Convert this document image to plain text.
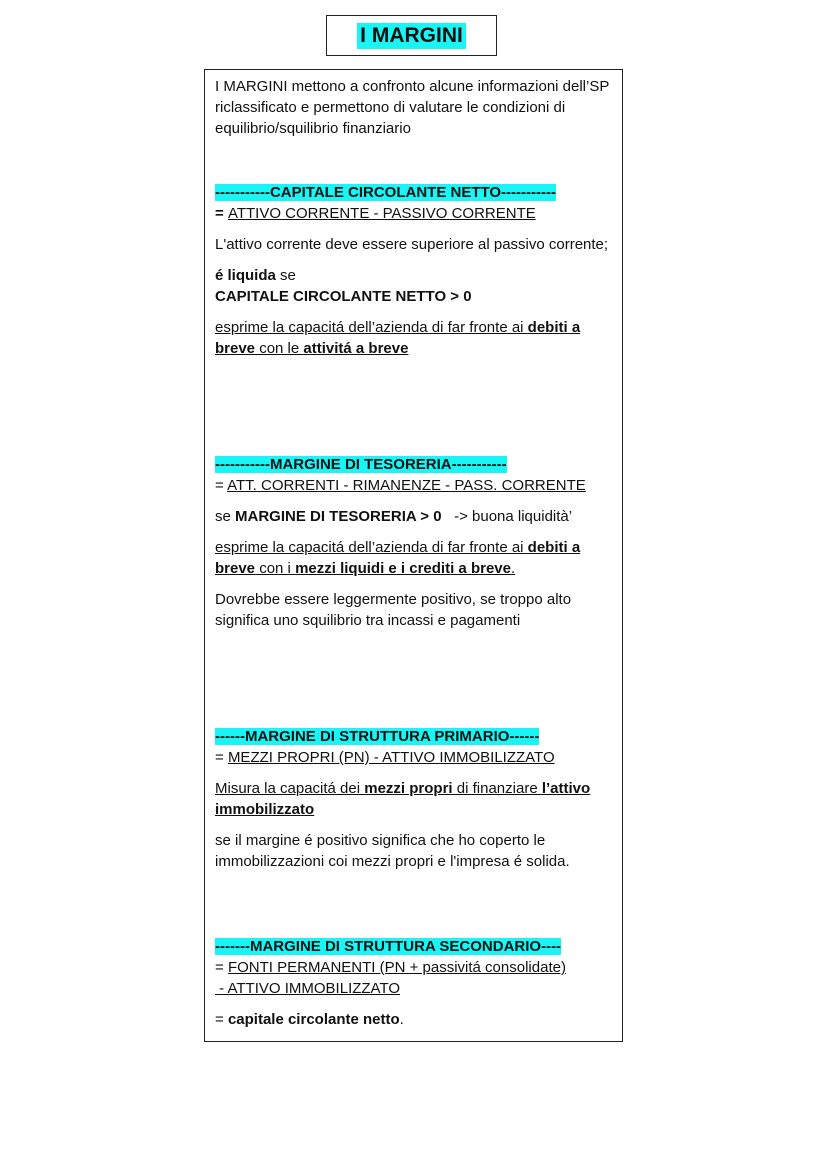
I MARGINI

I MARGINI mettono a confronto alcune informazioni dell’SP riclassificato e permettono di valutare le condizioni di equilibrio/squilibrio finanziario

-----------CAPITALE CIRCOLANTE NETTO-----------

= ATTIVO CORRENTE - PASSIVO CORRENTE

L'attivo corrente deve essere superiore al passivo corrente;

é liquida se
CAPITALE CIRCOLANTE NETTO > 0

esprime la capacitá dell’azienda di far fronte ai debiti a breve con le attivitá a breve

-----------MARGINE DI TESORERIA-----------

= ATT. CORRENTI - RIMANENZE - PASS. CORRENTE

se MARGINE DI TESORERIA > 0   -> buona liquidità’

esprime la capacitá dell’azienda di far fronte ai debiti a breve con i mezzi liquidi e i crediti a breve.

Dovrebbe essere leggermente positivo, se troppo alto significa uno squilibrio tra incassi e pagamenti

------MARGINE DI STRUTTURA PRIMARIO------

= MEZZI PROPRI (PN) - ATTIVO IMMOBILIZZATO

Misura la capacitá dei mezzi propri di finanziare l’attivo immobilizzato

se il margine é positivo significa che ho coperto le immobilizzazioni coi mezzi propri e l'impresa é solida.

-------MARGINE DI STRUTTURA SECONDARIO----

= FONTI PERMANENTI (PN + passivitá consolidate)
- ATTIVO IMMOBILIZZATO

= capitale circolante netto.
